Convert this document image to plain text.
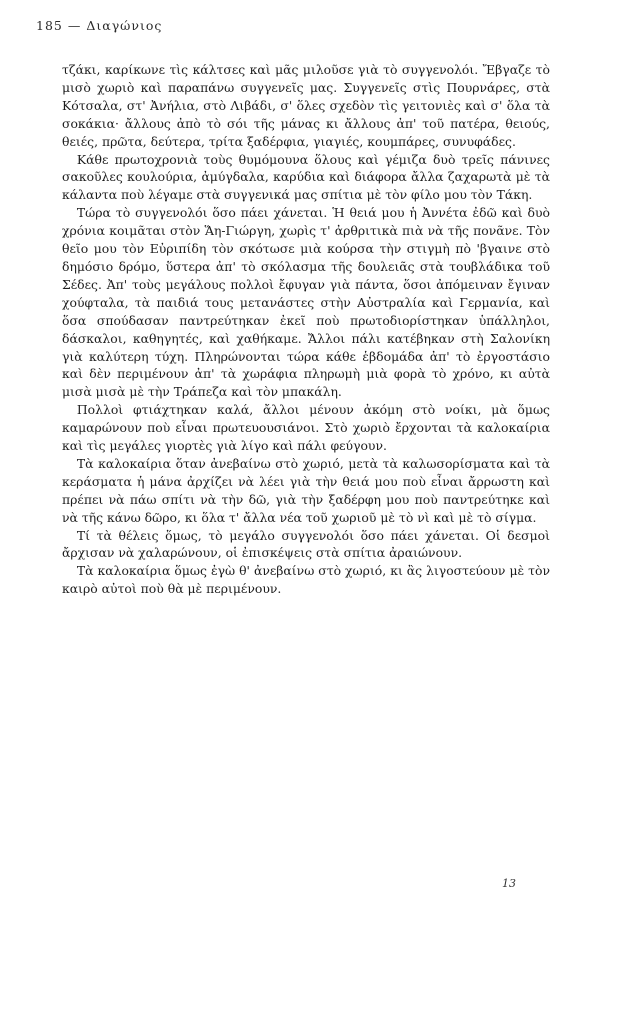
185 — Διαγώνιος

τζάκι, καρίκωνε τὶς κάλτσες καὶ μᾶς μιλοῦσε γιὰ τὸ συγγενολόι. Ἔβγαζε τὸ μισὸ χωριὸ καὶ παραπάνω συγγενεῖς μας. Συγγενεῖς στὶς Πουρνάρες, στὰ Κότσαλα, στ' Ἀνήλια, στὸ Λιβάδι, σ' ὅλες σχεδὸν τὶς γειτονιὲς καὶ σ' ὅλα τὰ σοκάκια· ἄλλους ἀπὸ τὸ σόι τῆς μάνας κι ἄλλους ἀπ' τοῦ πατέρα, θειούς, θειές, πρῶτα, δεύτερα, τρίτα ξαδέρφια, γιαγιές, κουμπάρες, συνυφάδες.

Κάθε πρωτοχρονιὰ τοὺς θυμόμουνα ὅλους καὶ γέμιζα δυὸ τρεῖς πάνινες σακοῦλες κουλούρια, ἀμύγδαλα, καρύδια καὶ διάφορα ἄλλα ζαχαρωτὰ μὲ τὰ κάλαντα ποὺ λέγαμε στὰ συγγενικά μας σπίτια μὲ τὸν φίλο μου τὸν Τάκη.

Τώρα τὸ συγγενολόι ὅσο πάει χάνεται. Ἡ θειά μου ἡ Ἀννέτα ἐδῶ καὶ δυὸ χρόνια κοιμᾶται στὸν Ἅη-Γιώργη, χωρὶς τ' ἀρθριτικὰ πιὰ νὰ τῆς πονᾶνε. Τὸν θεῖο μου τὸν Εὐριπίδη τὸν σκότωσε μιὰ κούρσα τὴν στιγμὴ πὸ 'βγαινε στὸ δημόσιο δρόμο, ὕστερα ἀπ' τὸ σκόλασμα τῆς δουλειᾶς στὰ τουβλάδικα τοῦ Σέδες. Ἀπ' τοὺς μεγάλους πολλοὶ ἔφυγαν γιὰ πάντα, ὅσοι ἀπόμειναν ἔγιναν χούφταλα, τὰ παιδιά τους μετανάστες στὴν Αὐστραλία καὶ Γερμανία, καὶ ὅσα σπούδασαν παντρεύτηκαν ἐκεῖ ποὺ πρωτοδιορίστηκαν ὑπάλληλοι, δάσκαλοι, καθηγητές, καὶ χαθήκαμε. Ἄλλοι πάλι κατέβηκαν στὴ Σαλονίκη γιὰ καλύτερη τύχη. Πληρώνονται τώρα κάθε ἑβδομάδα ἀπ' τὸ ἐργοστάσιο καὶ δὲν περιμένουν ἀπ' τὰ χωράφια πληρωμὴ μιὰ φορὰ τὸ χρόνο, κι αὐτὰ μισὰ μισὰ μὲ τὴν Τράπεζα καὶ τὸν μπακάλη.

Πολλοὶ φτιάχτηκαν καλά, ἄλλοι μένουν ἀκόμη στὸ νοίκι, μὰ ὅμως καμαρώνουν ποὺ εἶναι πρωτευουσιάνοι. Στὸ χωριὸ ἔρχονται τὰ καλοκαίρια καὶ τὶς μεγάλες γιορτὲς γιὰ λίγο καὶ πάλι φεύγουν.

Τὰ καλοκαίρια ὅταν ἀνεβαίνω στὸ χωριό, μετὰ τὰ καλωσορίσματα καὶ τὰ κεράσματα ἡ μάνα ἀρχίζει νὰ λέει γιὰ τὴν θειά μου ποὺ εἶναι ἄρρωστη καὶ πρέπει νὰ πάω σπίτι νὰ τὴν δῶ, γιὰ τὴν ξαδέρφη μου ποὺ παντρεύτηκε καὶ νὰ τῆς κάνω δῶρο, κι ὅλα τ' ἄλλα νέα τοῦ χωριοῦ μὲ τὸ νὶ καὶ μὲ τὸ σίγμα.

Τί τὰ θέλεις ὅμως, τὸ μεγάλο συγγενολόι ὅσο πάει χάνεται. Οἱ δεσμοὶ ἄρχισαν νὰ χαλαρώνουν, οἱ ἐπισκέψεις στὰ σπίτια ἀραιώνουν.

Τὰ καλοκαίρια ὅμως ἐγὼ θ' ἀνεβαίνω στὸ χωριό, κι ἂς λιγοστεύουν μὲ τὸν καιρὸ αὐτοὶ ποὺ θὰ μὲ περιμένουν.

13
